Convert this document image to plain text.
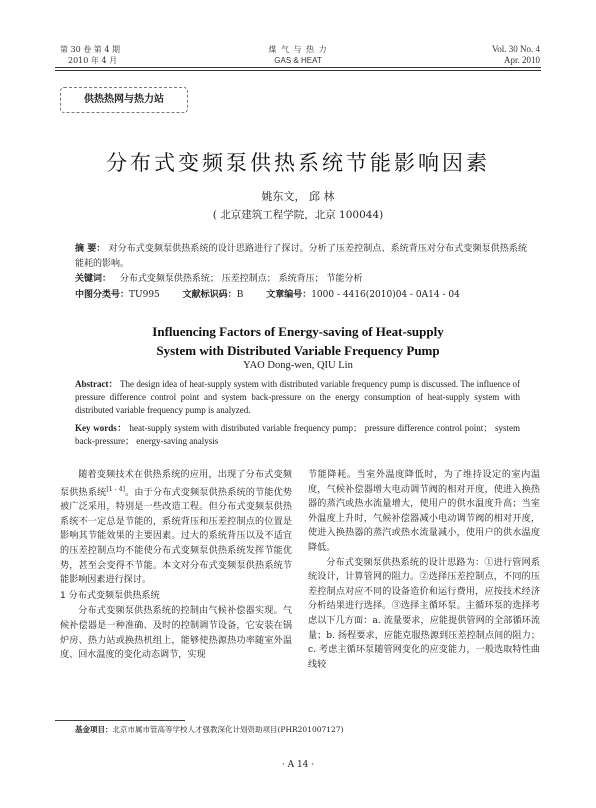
第 30 卷 第 4 期
2010 年 4 月
煤 气 与 热 力
GAS & HEAT
Vol. 30 No. 4
Apr. 2010
供热热网与热力站
分布式变频泵供热系统节能影响因素
姚东文， 邱 林
( 北京建筑工程学院，北京 100044)
摘 要： 对分布式变频泵供热系统的设计思路进行了探讨。分析了压差控制点、系统背压对分布式变频泵供热系统能耗的影响。
关键词： 分布式变频泵供热系统； 压差控制点； 系统背压； 节能分析
中图分类号：TU995	文献标识码：B	文章编号：1000 - 4416(2010)04 - 0A14 - 04
Influencing Factors of Energy-saving of Heat-supply
System with Distributed Variable Frequency Pump
YAO Dong-wen, QIU Lin
Abstract： The design idea of heat-supply system with distributed variable frequency pump is discussed. The influence of pressure difference control point and system back-pressure on the energy consumption of heat-supply system with distributed variable frequency pump is analyzed.
Key words： heat-supply system with distributed variable frequency pump； pressure difference control point； system back-pressure； energy-saving analysis

随着变频技术在供热系统的应用，出现了分布式变频泵供热系统[1 - 4]。由于分布式变频泵供热系统的节能优势被广泛采用，特别是一些改造工程。但分布式变频泵供热系统不一定总是节能的，系统背压和压差控制点的位置是影响其节能效果的主要因素。过大的系统背压以及不适宜的压差控制点均不能使分布式变频泵供热系统发挥节能优势，甚至会变得不节能。本文对分布式变频泵供热系统节能影响因素进行探讨。

1 分布式变频泵供热系统

分布式变频泵供热系统的控制由气候补偿器实现。气候补偿器是一种准确、及时的控制调节设备，它安装在锅炉房、热力站或换热机组上，能够使热源热功率随室外温度、回水温度的变化动态调节，实现

节能降耗。当室外温度降低时，为了维持设定的室内温度，气候补偿器增大电动调节阀的相对开度，使进入换热器的蒸汽或热水流量增大，使用户的供水温度升高；当室外温度上升时，气候补偿器减小电动调节阀的相对开度，使进入换热器的蒸汽或热水流量减小，使用户的供水温度降低。

分布式变频泵供热系统的设计思路为：①进行管网系统设计，计算管网的阻力。②选择压差控制点，不同的压差控制点对应不同的设备造价和运行费用，应按技术经济分析结果进行选择。③选择主循环泵。主循环泵的选择考虑以下几方面：a. 流量要求，应能提供管网的全部循环流量；b. 扬程要求，应能克服热源到压差控制点间的阻力；c. 考虑主循环泵随管网变化的应变能力，一般选取特性曲线较

基金项目：北京市属市管高等学校人才强教深化计划资助项目(PHR201007127)
· A 14 ·
